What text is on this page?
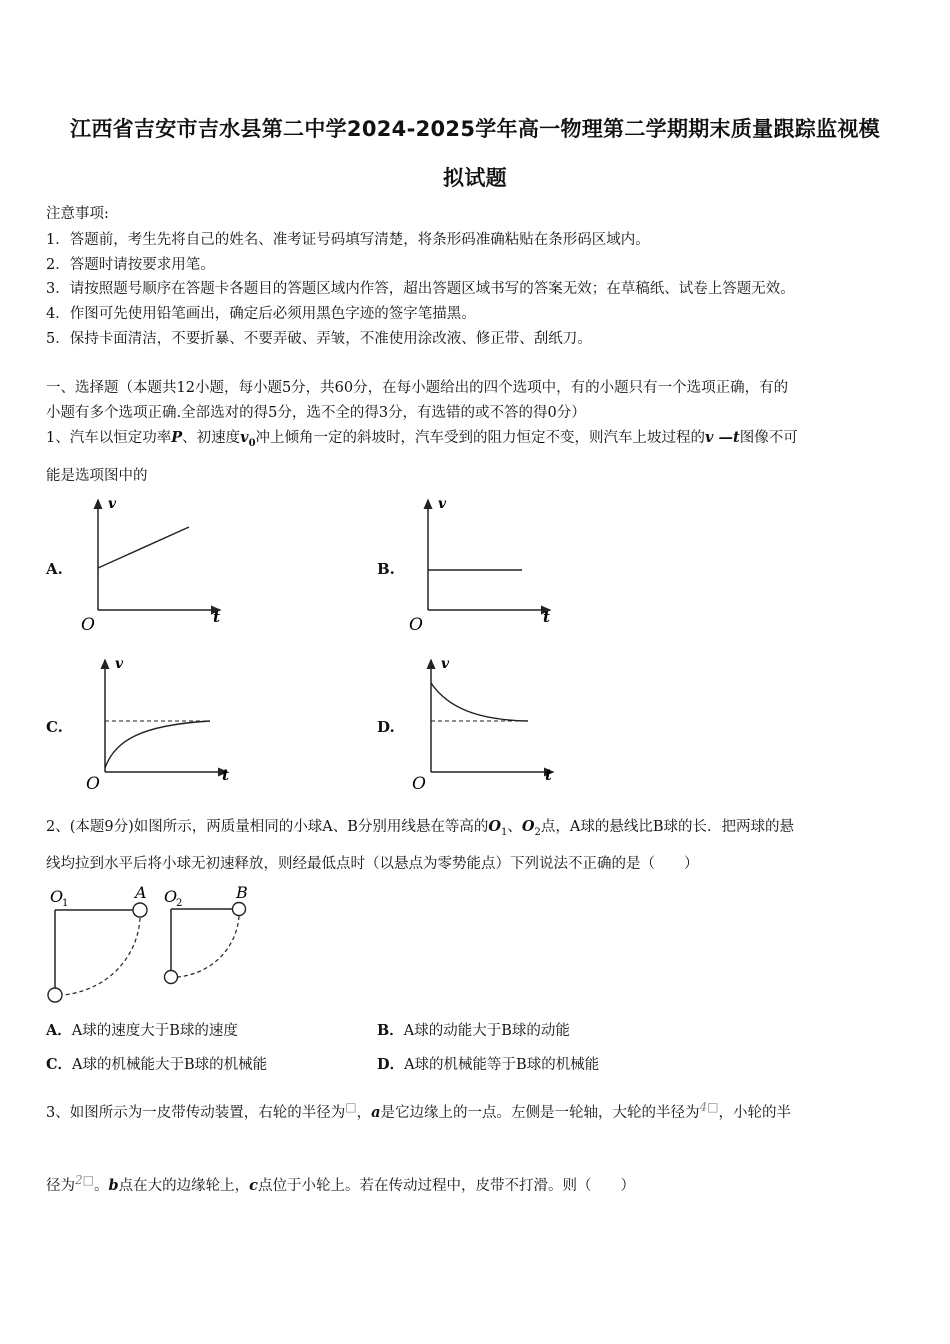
江西省吉安市吉水县第二中学2024-2025学年高一物理第二学期期末质量跟踪监视模
拟试题
注意事项:
1．答题前，考生先将自己的姓名、准考证号码填写清楚，将条形码准确粘贴在条形码区域内。
2．答题时请按要求用笔。
3．请按照题号顺序在答题卡各题目的答题区域内作答，超出答题区域书写的答案无效；在草稿纸、试卷上答题无效。
4．作图可先使用铅笔画出，确定后必须用黑色字迹的签字笔描黑。
5．保持卡面清洁，不要折暴、不要弄破、弄皱，不准使用涂改液、修正带、刮纸刀。
一、选择题（本题共12小题，每小题5分，共60分，在每小题给出的四个选项中，有的小题只有一个选项正确，有的
小题有多个选项正确.全部选对的得5分，选不全的得3分，有选错的或不答的得0分）
1、汽车以恒定功率P、初速度$v_0$冲上倾角一定的斜坡时，汽车受到的阻力恒定不变，则汽车上坡过程的v —t图像不可
能是选项图中的
A.	B.
C.	D.
v
t
O
v
t
O
v
t
O
v
t
O
2、(本题9分)如图所示，两质量相同的小球A、B分别用线悬在等高的$O_1$、$O_2$点，A球的悬线比B球的长．把两球的悬
线均拉到水平后将小球无初速释放，则经最低点时（以悬点为零势能点）下列说法不正确的是（　　）
O
1
A O
2
B
A．A球的速度大于B球的速度	B．A球的动能大于B球的动能
C．A球的机械能大于B球的机械能	D．A球的机械能等于B球的机械能
3、如图所示为一皮带传动装置，右轮的半径为□，a是它边缘上的一点。左侧是一轮轴，大轮的半径为$^{4□}$，小轮的半
径为$^{2□}$。b点在大的边缘轮上，c点位于小轮上。若在传动过程中，皮带不打滑。则（　　）
